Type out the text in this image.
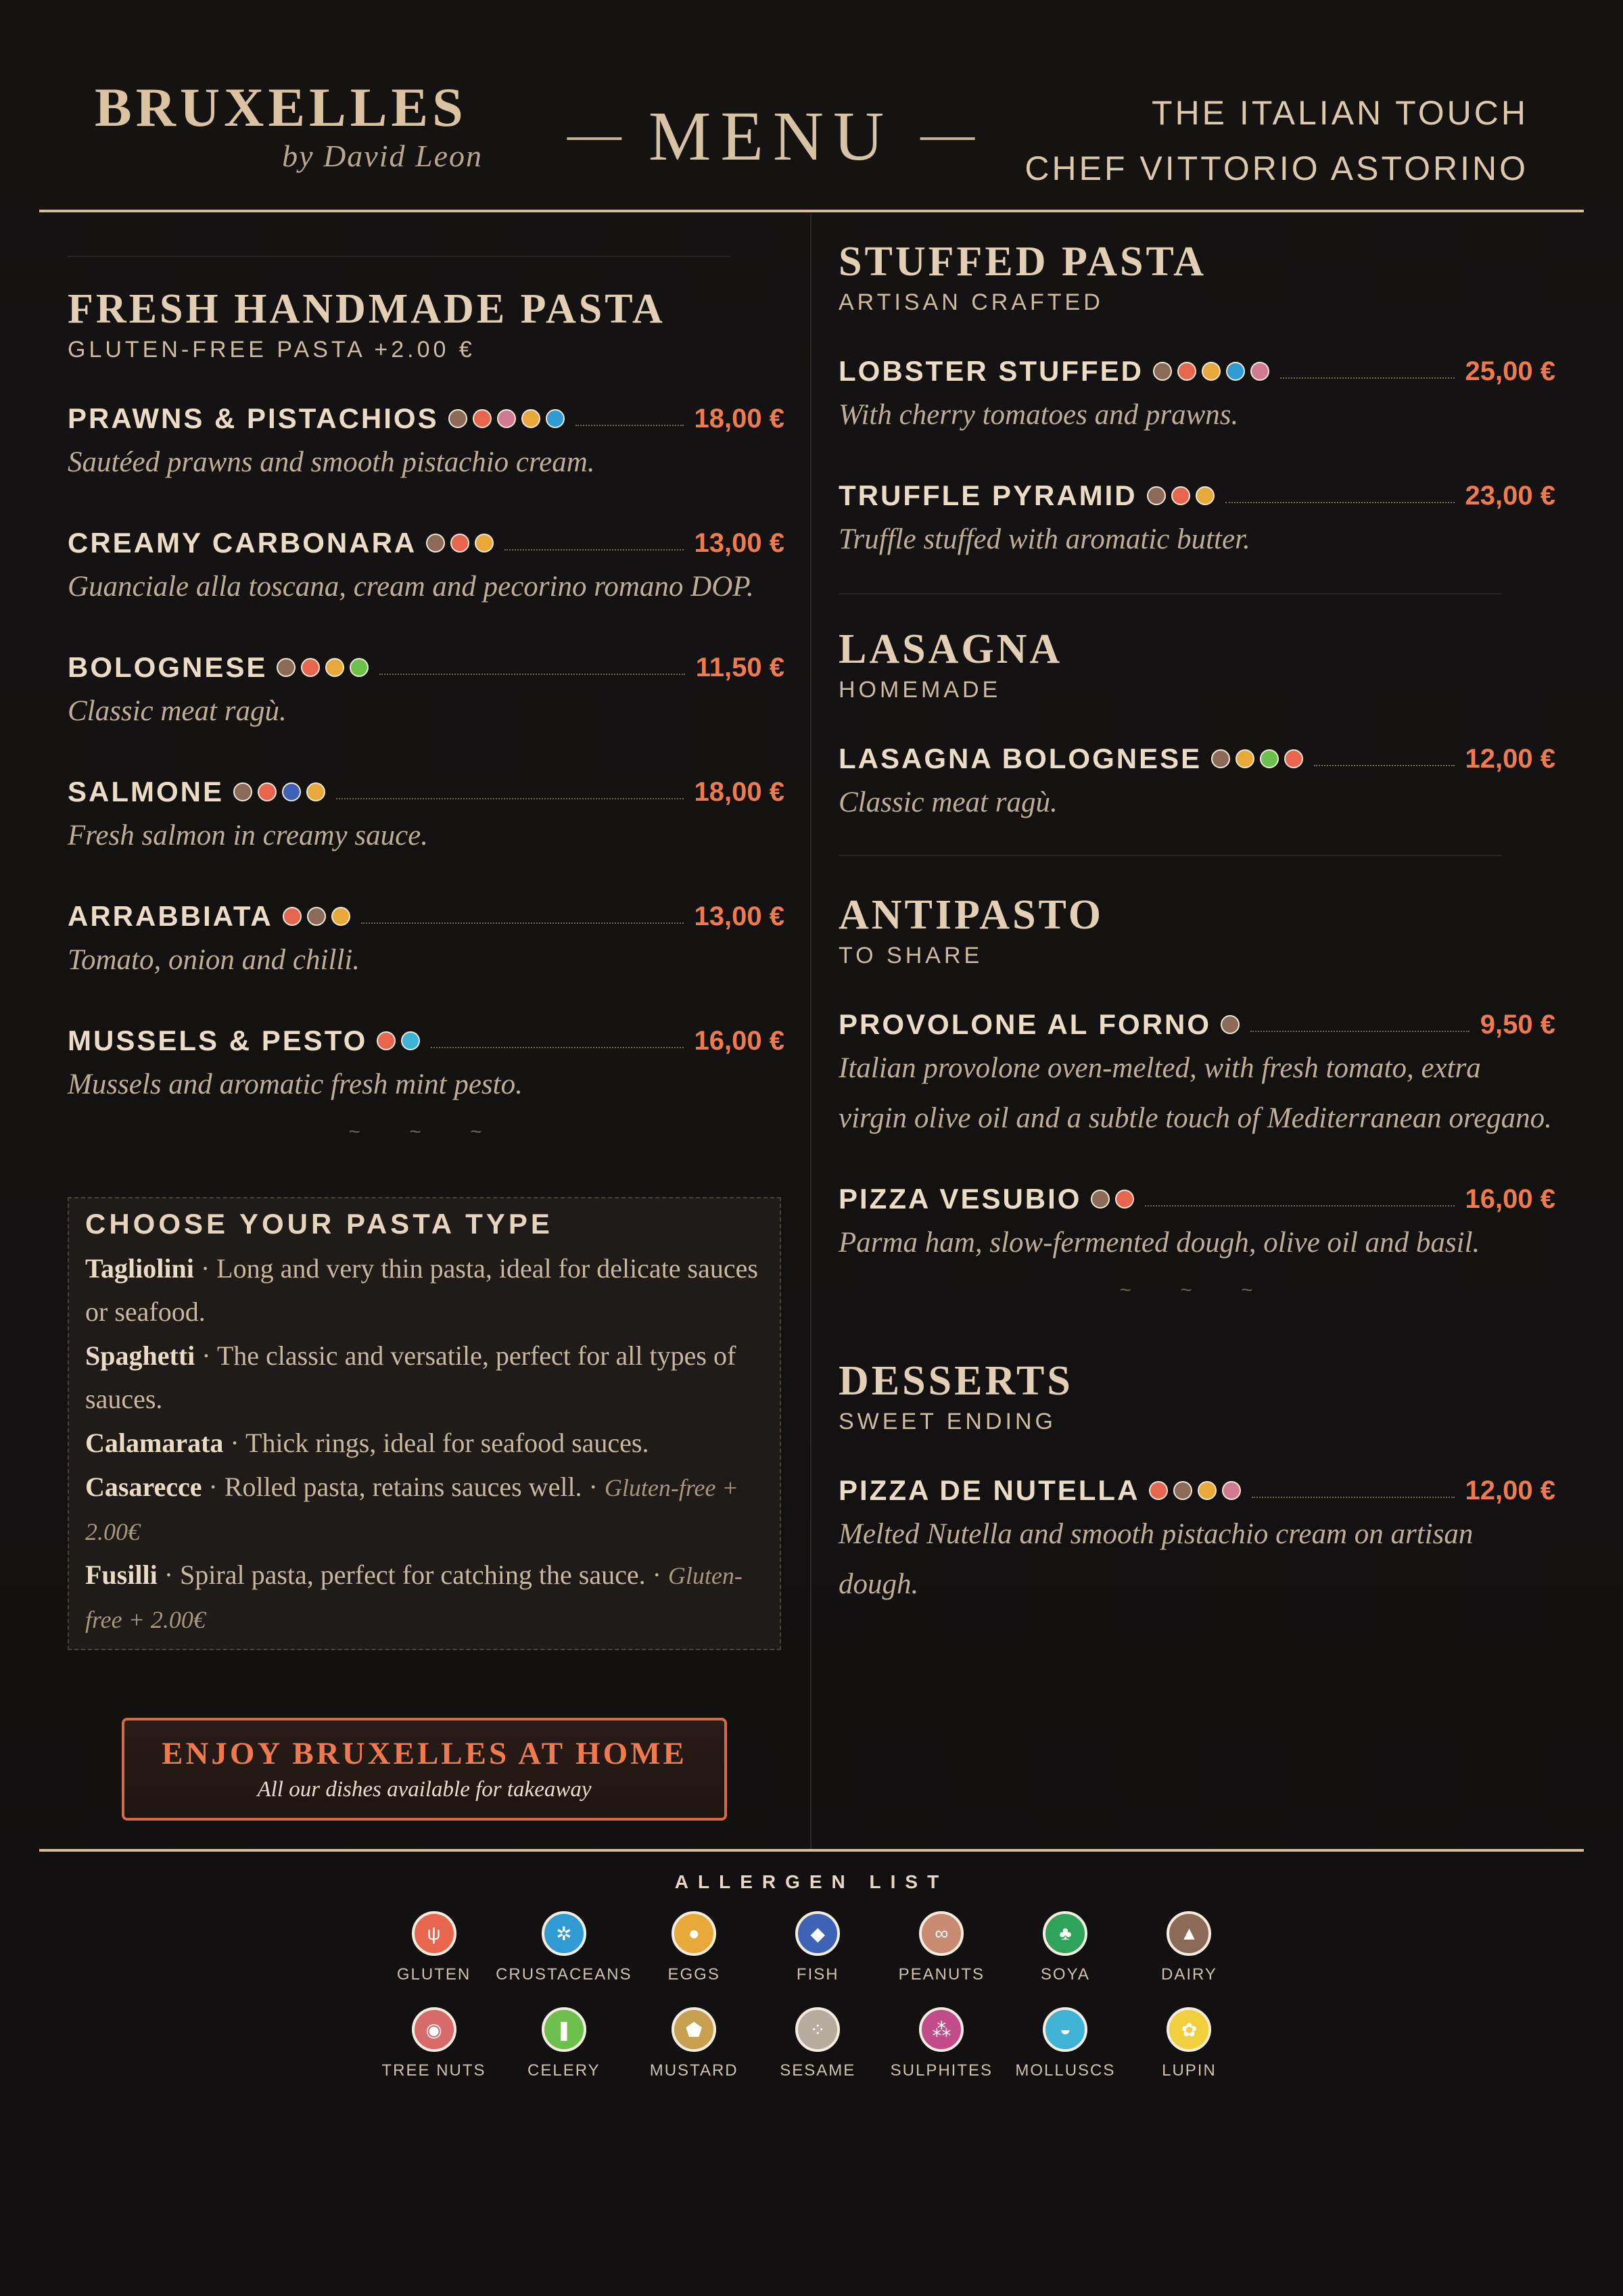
BRUXELLES
by David Leon — MENU —	THE ITALIAN TOUCH
CHEF VITTORIO ASTORINO
FRESH HANDMADE PASTA
GLUTEN-FREE PASTA +2.00 €
PRAWNS & PISTACHIOS	18,00 €
Sautéed prawns and smooth pistachio cream.
CREAMY CARBONARA	13,00 €
Guanciale alla toscana, cream and pecorino romano DOP.
BOLOGNESE	11,50 €
Classic meat ragù.
SALMONE	18,00 €
Fresh salmon in creamy sauce.
ARRABBIATA	13,00 €
Tomato, onion and chilli.
MUSSELS & PESTO	16,00 €
Mussels and aromatic fresh mint pesto.
~ ~ ~
CHOOSE YOUR PASTA TYPE
Tagliolini · Long and very thin pasta, ideal for delicate sauces or seafood.
Spaghetti · The classic and versatile, perfect for all types of sauces.
Calamarata · Thick rings, ideal for seafood sauces.
Casarecce · Rolled pasta, retains sauces well. · Gluten-free + 2.00€
Fusilli · Spiral pasta, perfect for catching the sauce. · Gluten-free + 2.00€
ENJOY BRUXELLES AT HOME
All our dishes available for takeaway
STUFFED PASTA
ARTISAN CRAFTED
LOBSTER STUFFED	25,00 €
With cherry tomatoes and prawns.
TRUFFLE PYRAMID	23,00 €
Truffle stuffed with aromatic butter.
LASAGNA
HOMEMADE
LASAGNA BOLOGNESE	12,00 €
Classic meat ragù.
ANTIPASTO
TO SHARE
PROVOLONE AL FORNO	9,50 €
Italian provolone oven-melted, with fresh tomato, extra virgin olive oil and a subtle touch of Mediterranean oregano.
PIZZA VESUBIO	16,00 €
Parma ham, slow-fermented dough, olive oil and basil.
~ ~ ~
DESSERTS
SWEET ENDING
PIZZA DE NUTELLA	12,00 €
Melted Nutella and smooth pistachio cream on artisan dough.
ALLERGEN LIST
ψ
GLUTEN
✲
CRUSTACEANS
●
EGGS
◆
FISH
∞
PEANUTS
♣
SOYA
▲
DAIRY
◉
TREE NUTS
❚
CELERY
⬟
MUSTARD
⁘
SESAME
⁂
SULPHITES
◒
MOLLUSCS
✿
LUPIN
